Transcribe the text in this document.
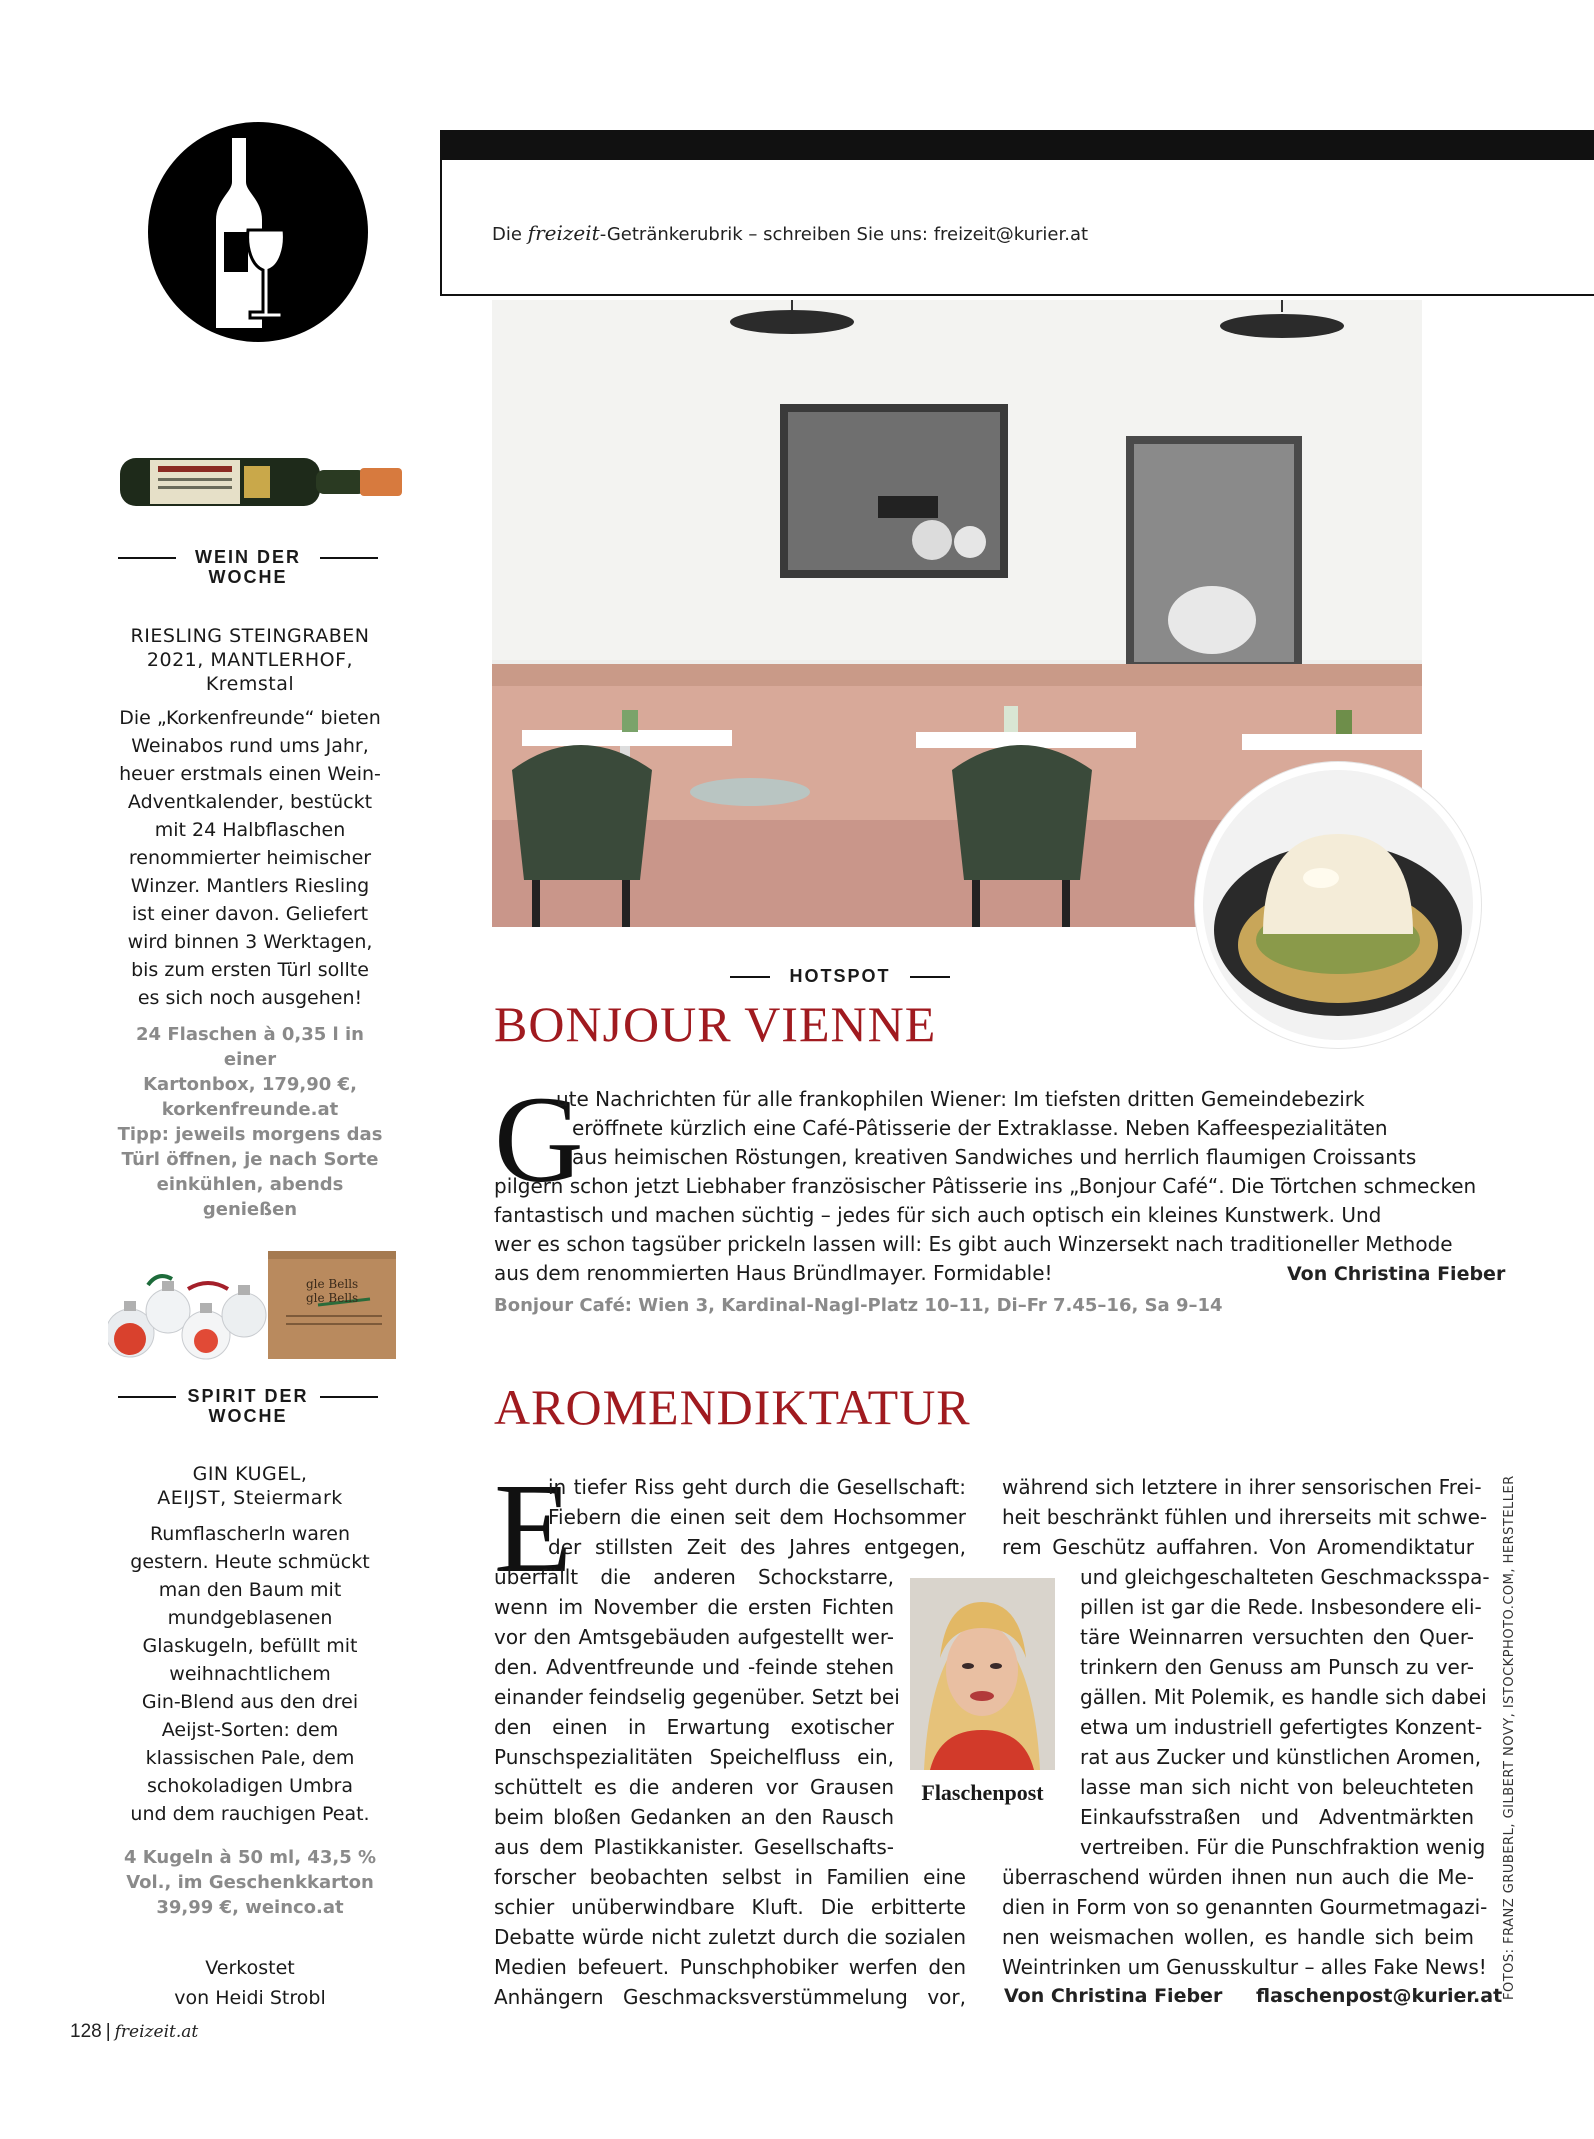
WEIN DER
WOCHE
RIESLING STEINGRABEN
2021, MANTLERHOF,
Kremstal
Die „Korkenfreunde“ bieten
Weinabos rund ums Jahr,
heuer erstmals einen Wein-
Adventkalender, bestückt
mit 24 Halbflaschen
renommierter heimischer
Winzer. Mantlers Riesling
ist einer davon. Geliefert
wird binnen 3 Werktagen,
bis zum ersten Türl sollte
es sich noch ausgehen!
24 Flaschen à 0,35 l in einer
Kartonbox, 179,90 €,
korkenfreunde.at
Tipp: jeweils morgens das
Türl öffnen, je nach Sorte
einkühlen, abends
genießen
gle Bells
gle Bells
SPIRIT DER
WOCHE
GIN KUGEL,
AEIJST, Steiermark
Rumflascherln waren
gestern. Heute schmückt
man den Baum mit
mundgeblasenen
Glaskugeln, befüllt mit
weihnachtlichem
Gin-Blend aus den drei
Aeijst-Sorten: dem
klassischen Pale, dem
schokoladigen Umbra
und dem rauchigen Peat.
4 Kugeln à 50 ml, 43,5 %
Vol., im Geschenkkarton
39,99 €, weinco.at
Verkostet
von Heidi Strobl
128 | freizeit.at
Die freizeit-Getränkerubrik – schreiben Sie uns: freizeit@kurier.at
HOTSPOT
BONJOUR VIENNE
G
ute Nachrichten für alle frankophilen Wiener: Im tiefsten dritten Gemeindebezirk
eröffnete kürzlich eine Café-Pâtisserie der Extraklasse. Neben Kaffeespezialitäten
aus heimischen Röstungen, kreativen Sandwiches und herrlich flaumigen Croissants
pilgern schon jetzt Liebhaber französischer Pâtisserie ins „Bonjour Café“. Die Törtchen schmecken
fantastisch und machen süchtig – jedes für sich auch optisch ein kleines Kunstwerk. Und
wer es schon tagsüber prickeln lassen will: Es gibt auch Winzersekt nach traditioneller Methode
aus dem renommierten Haus Bründlmayer. Formidable!	Von Christina Fieber
Bonjour Café: Wien 3, Kardinal-Nagl-Platz 10–11, Di–Fr 7.45–16, Sa 9–14
AROMENDIKTATUR
E
in tiefer Riss geht durch die Gesellschaft:
Fiebern die einen seit dem Hochsommer
der stillsten Zeit des Jahres entgegen,
überfällt die anderen Schockstarre,
wenn im November die ersten Fichten
vor den Amtsgebäuden aufgestellt wer-
den. Adventfreunde und -feinde stehen
einander feindselig gegenüber. Setzt bei
den einen in Erwartung exotischer
Punschspezialitäten Speichelfluss ein,
schüttelt es die anderen vor Grausen
beim bloßen Gedanken an den Rausch
aus dem Plastikkanister. Gesellschafts-
forscher beobachten selbst in Familien eine
schier unüberwindbare Kluft. Die erbitterte
Debatte würde nicht zuletzt durch die sozialen
Medien befeuert. Punschphobiker werfen den
Anhängern Geschmacksverstümmelung vor,
Flaschenpost
während sich letztere in ihrer sensorischen Frei-
heit beschränkt fühlen und ihrerseits mit schwe-
rem Geschütz auffahren. Von Aromendiktatur
und gleichgeschalteten Geschmacksspa-
pillen ist gar die Rede. Insbesondere eli-
täre Weinnarren versuchten den Quer-
trinkern den Genuss am Punsch zu ver-
gällen. Mit Polemik, es handle sich dabei
etwa um industriell gefertigtes Konzent-
rat aus Zucker und künstlichen Aromen,
lasse man sich nicht von beleuchteten
Einkaufsstraßen und Adventmärkten
vertreiben. Für die Punschfraktion wenig
überraschend würden ihnen nun auch die Me-
dien in Form von so genannten Gourmetmagazi-
nen weismachen wollen, es handle sich beim
Weintrinken um Genusskultur – alles Fake News!
Von Christina Fieber flaschenpost@kurier.at FOTOS: FRANZ GRUBERL, GILBERT NOVY, ISTOCKPHOTO.COM, HERSTELLER
